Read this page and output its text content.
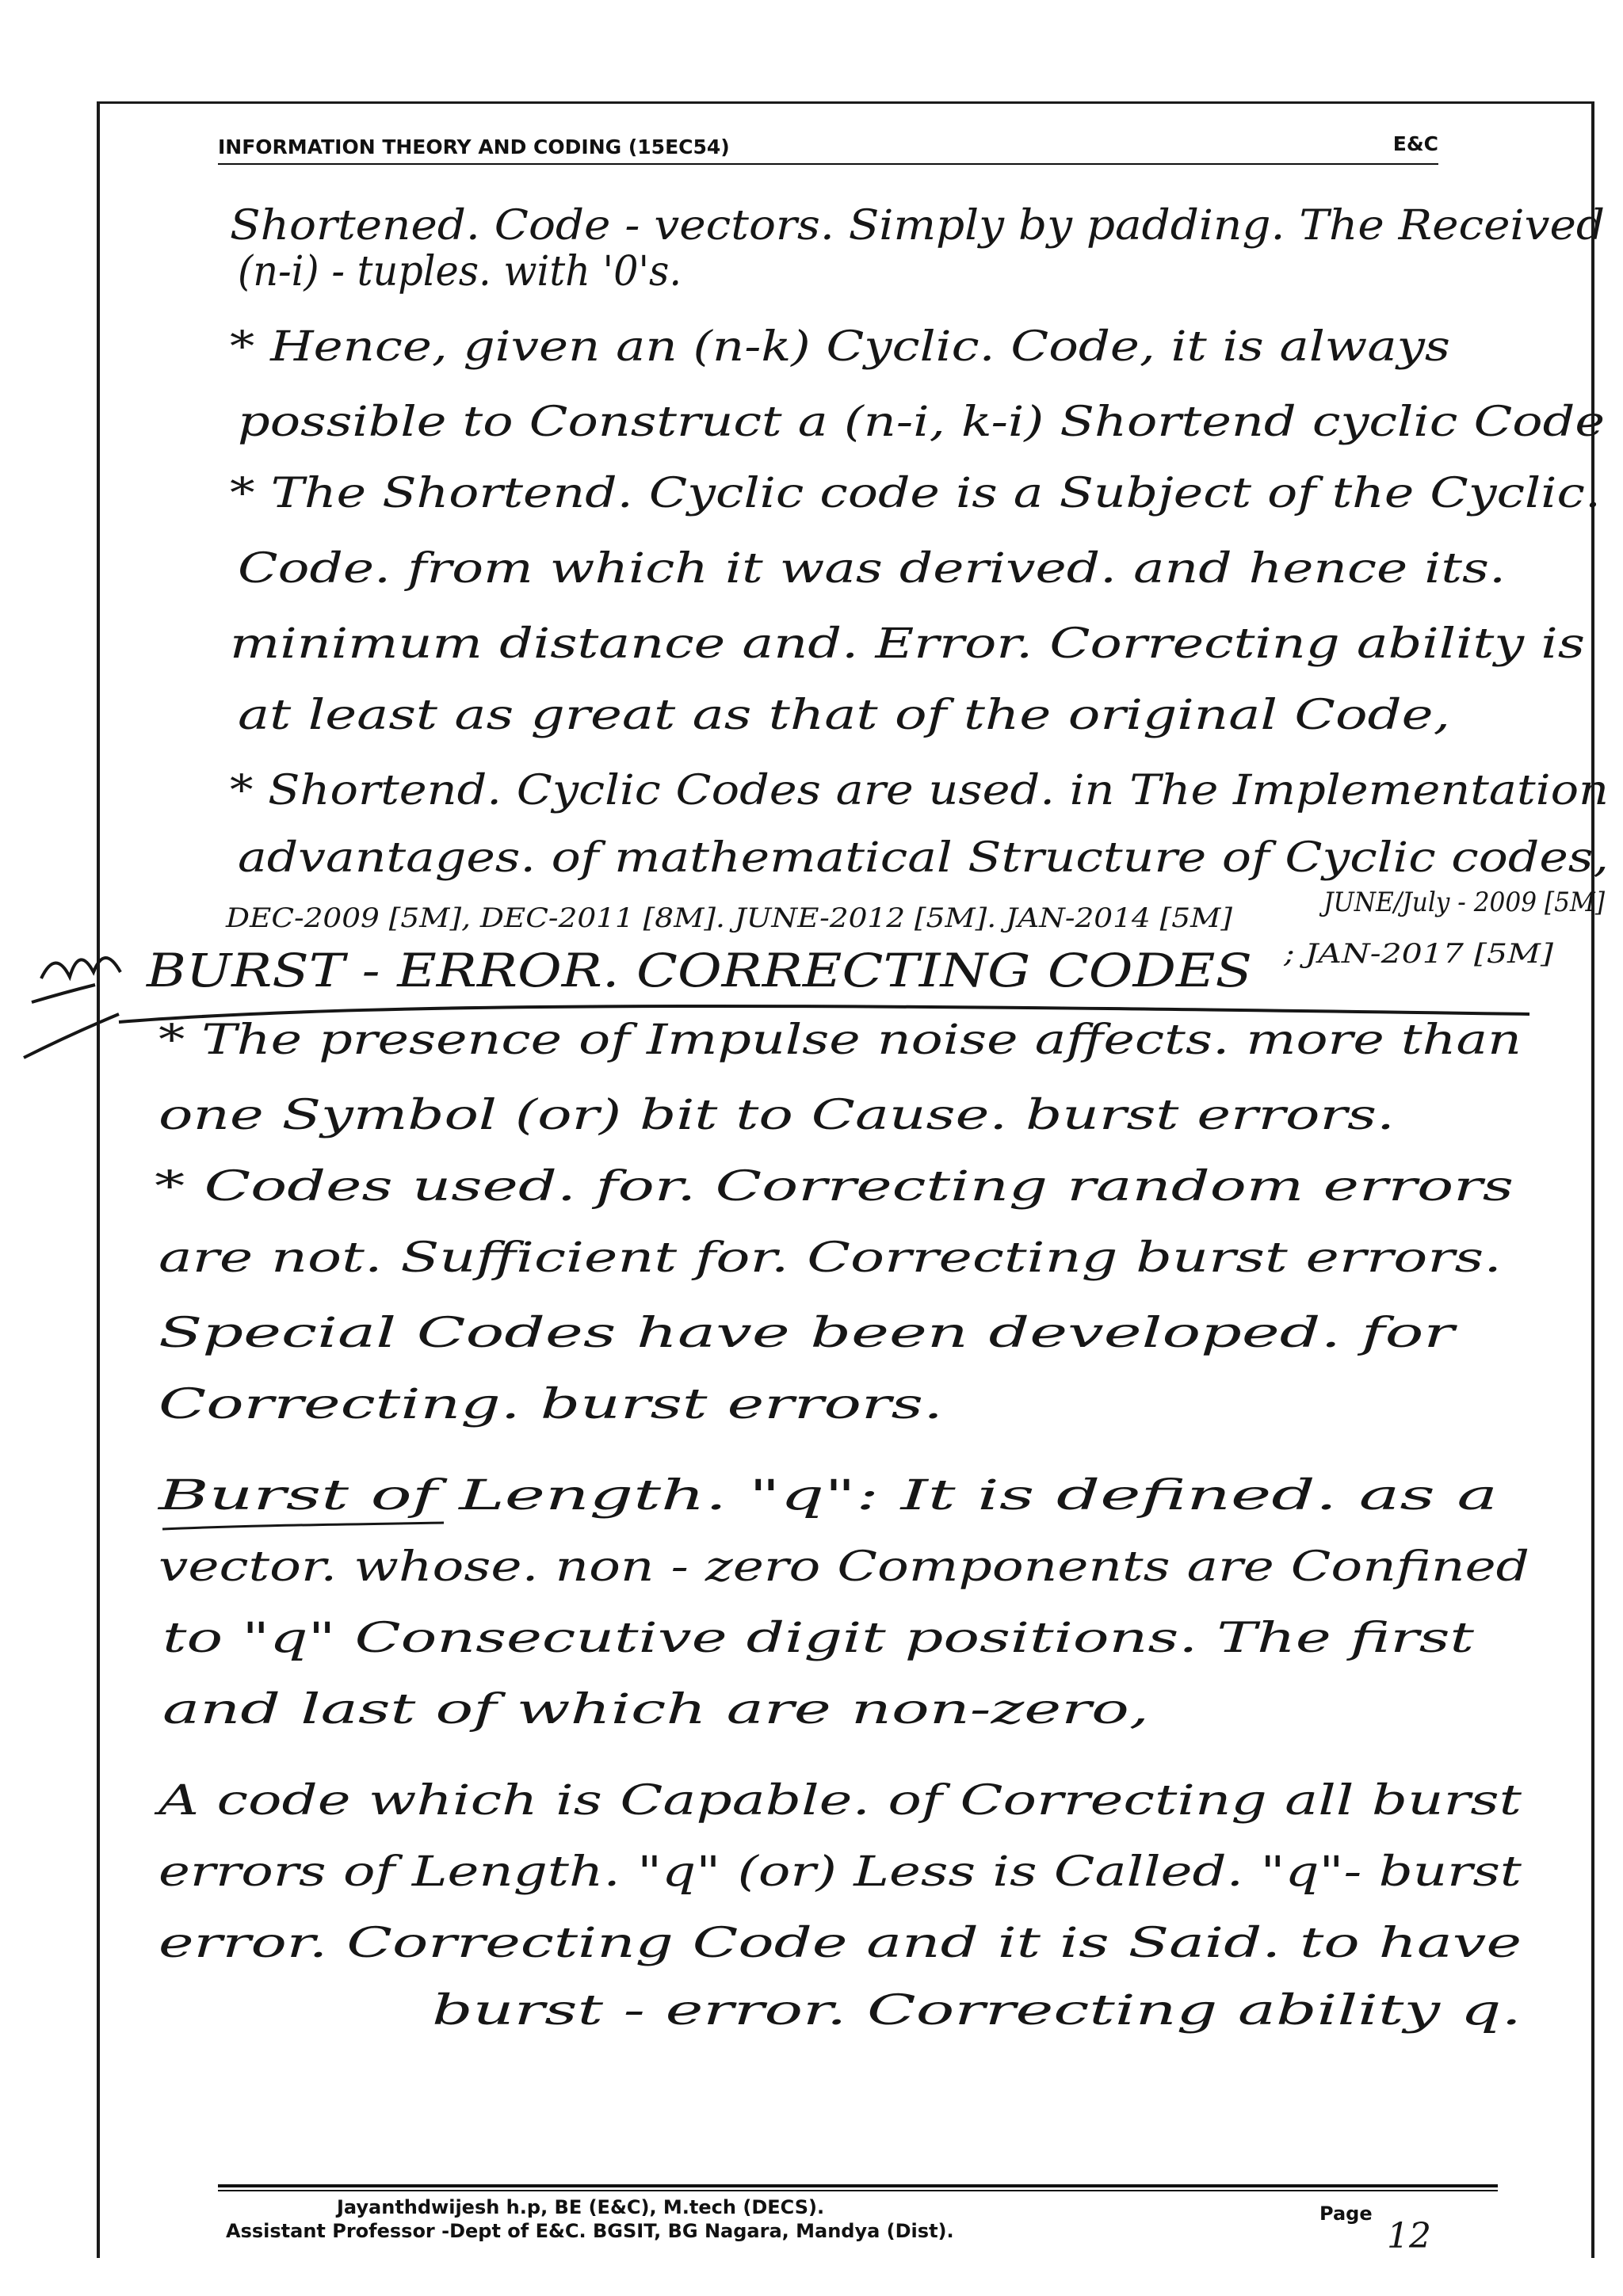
INFORMATION THEORY AND CODING (15EC54)	E&C
Shortened. Code - vectors. Simply by padding. The Received
(n-i) - tuples. with '0's.
* Hence, given an (n-k) Cyclic. Code, it is always
possible to Construct a (n-i, k-i) Shortend cyclic Code
* The Shortend. Cyclic code is a Subject of the Cyclic.
Code. from which it was derived. and hence its.
minimum distance and. Error. Correcting ability is
at least as great as that of the original Code,
* Shortend. Cyclic Codes are used. in The Implementation
advantages. of mathematical Structure of Cyclic codes,
DEC-2009 [5M], DEC-2011 [8M]. JUNE-2012 [5M]. JAN-2014 [5M]	JUNE/July - 2009 [5M]
; JAN-2017 [5M]
BURST - ERROR. CORRECTING CODES
* The presence of Impulse noise affects. more than
one Symbol (or) bit to Cause. burst errors.
* Codes used. for. Correcting random errors
are not. Sufficient for. Correcting burst errors.
Special Codes have been developed. for
Correcting. burst errors.
Burst of Length. "q": It is defined. as a
vector. whose. non - zero Components are Confined
to "q" Consecutive digit positions. The first
and last of which are non-zero,
A code which is Capable. of Correcting all burst
errors of Length. "q" (or) Less is Called. "q"- burst
error. Correcting Code and it is Said. to have
burst - error. Correcting ability q.
Jayanthdwijesh h.p, BE (E&C), M.tech (DECS).
Assistant Professor -Dept of E&C. BGSIT, BG Nagara, Mandya (Dist).
Page
12
